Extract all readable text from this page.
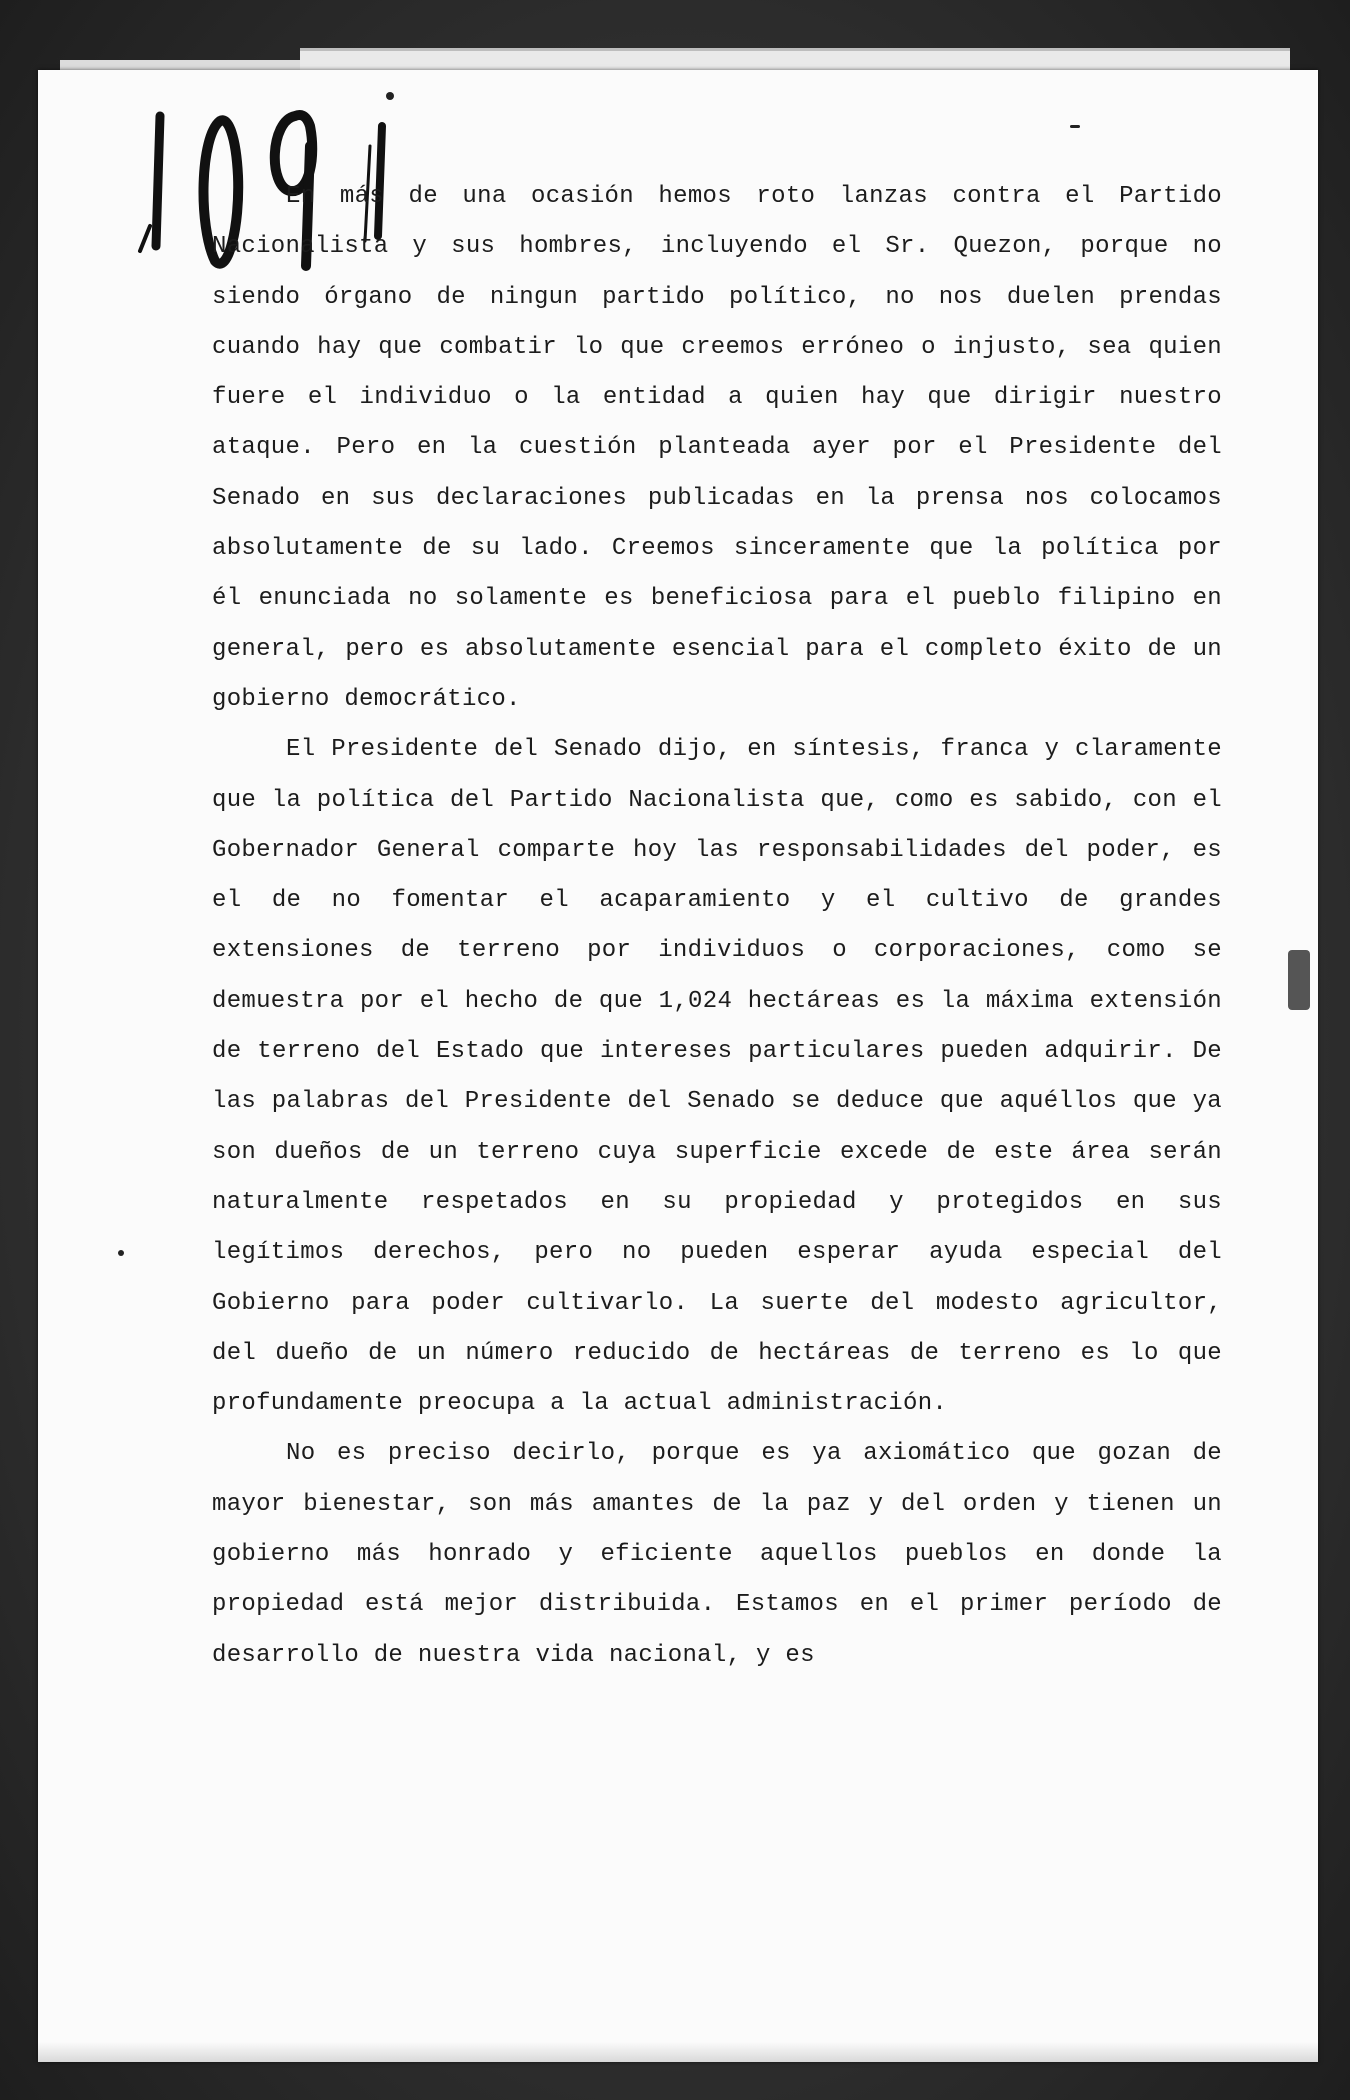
En más de una ocasión hemos roto lanzas contra el Partido Nacionalista y sus hombres, incluyendo el Sr. Quezon, porque no siendo órgano de ningun partido político, no nos duelen prendas cuando hay que combatir lo que creemos erróneo o injusto, sea quien fuere el individuo o la entidad a quien hay que dirigir nuestro ataque. Pero en la cuestión planteada ayer por el Presidente del Senado en sus declaraciones publicadas en la prensa nos colocamos absolutamente de su lado. Creemos sinceramente que la política por él enunciada no solamente es beneficiosa para el pueblo filipino en general, pero es absolutamente esencial para el completo éxito de un gobierno democrático.

El Presidente del Senado dijo, en síntesis, franca y claramente que la política del Partido Nacionalista que, como es sabido, con el Gobernador General comparte hoy las responsabilidades del poder, es el de no fomentar el acaparamiento y el cultivo de grandes extensiones de terreno por individuos o corporaciones, como se demuestra por el hecho de que 1,024 hectáreas es la máxima extensión de terreno del Estado que intereses particulares pueden adquirir. De las palabras del Presidente del Senado se deduce que aquéllos que ya son dueños de un terreno cuya superficie excede de este área serán naturalmente respetados en su propiedad y protegidos en sus legítimos derechos, pero no pueden esperar ayuda especial del Gobierno para poder cultivarlo. La suerte del modesto agricultor, del dueño de un número reducido de hectáreas de terreno es lo que profundamente preocupa a la actual administración.

No es preciso decirlo, porque es ya axiomático que gozan de mayor bienestar, son más amantes de la paz y del orden y tienen un gobierno más honrado y eficiente aquellos pueblos en donde la propiedad está mejor distribuida. Estamos en el primer período de desarrollo de nuestra vida nacional, y es
